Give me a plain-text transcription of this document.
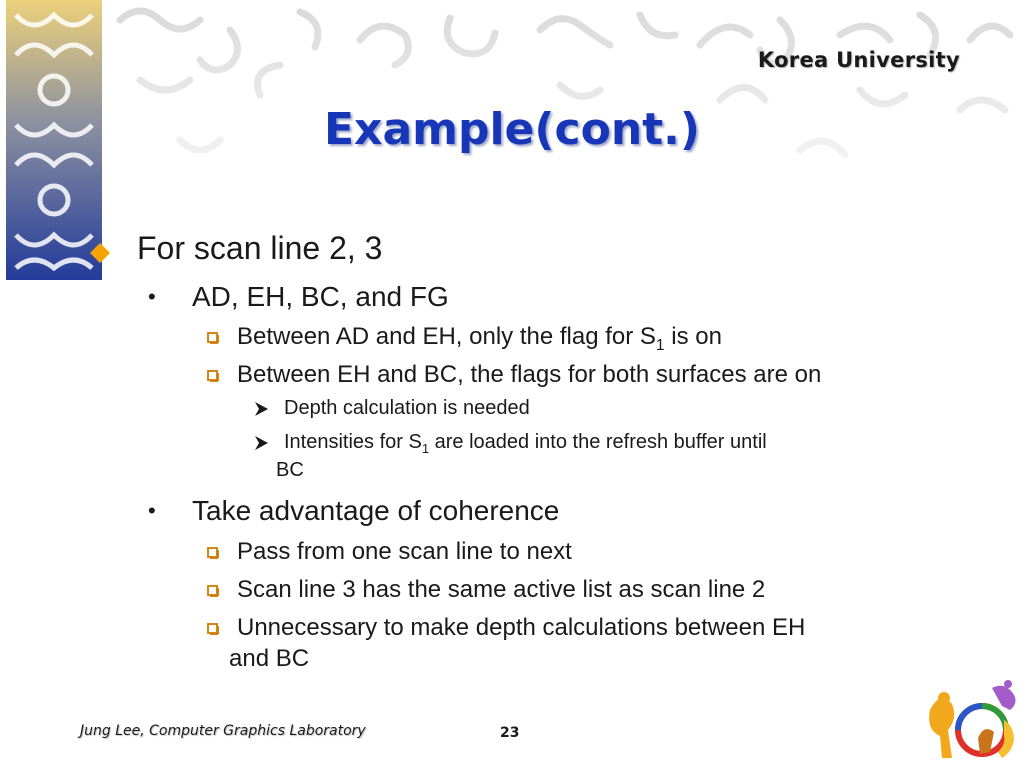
Korea University
Example(cont.)
For scan line 2, 3
• AD, EH, BC, and FG
Between AD and EH, only the flag for $S_1$ is on
Between EH and BC, the flags for both surfaces are on
Depth calculation is needed
Intensities for $S_1$ are loaded into the refresh buffer until
BC
• Take advantage of coherence
Pass from one scan line to next
Scan line 3 has the same active list as scan line 2
Unnecessary to make depth calculations between EH
and BC
Jung Lee, Computer Graphics Laboratory	23
